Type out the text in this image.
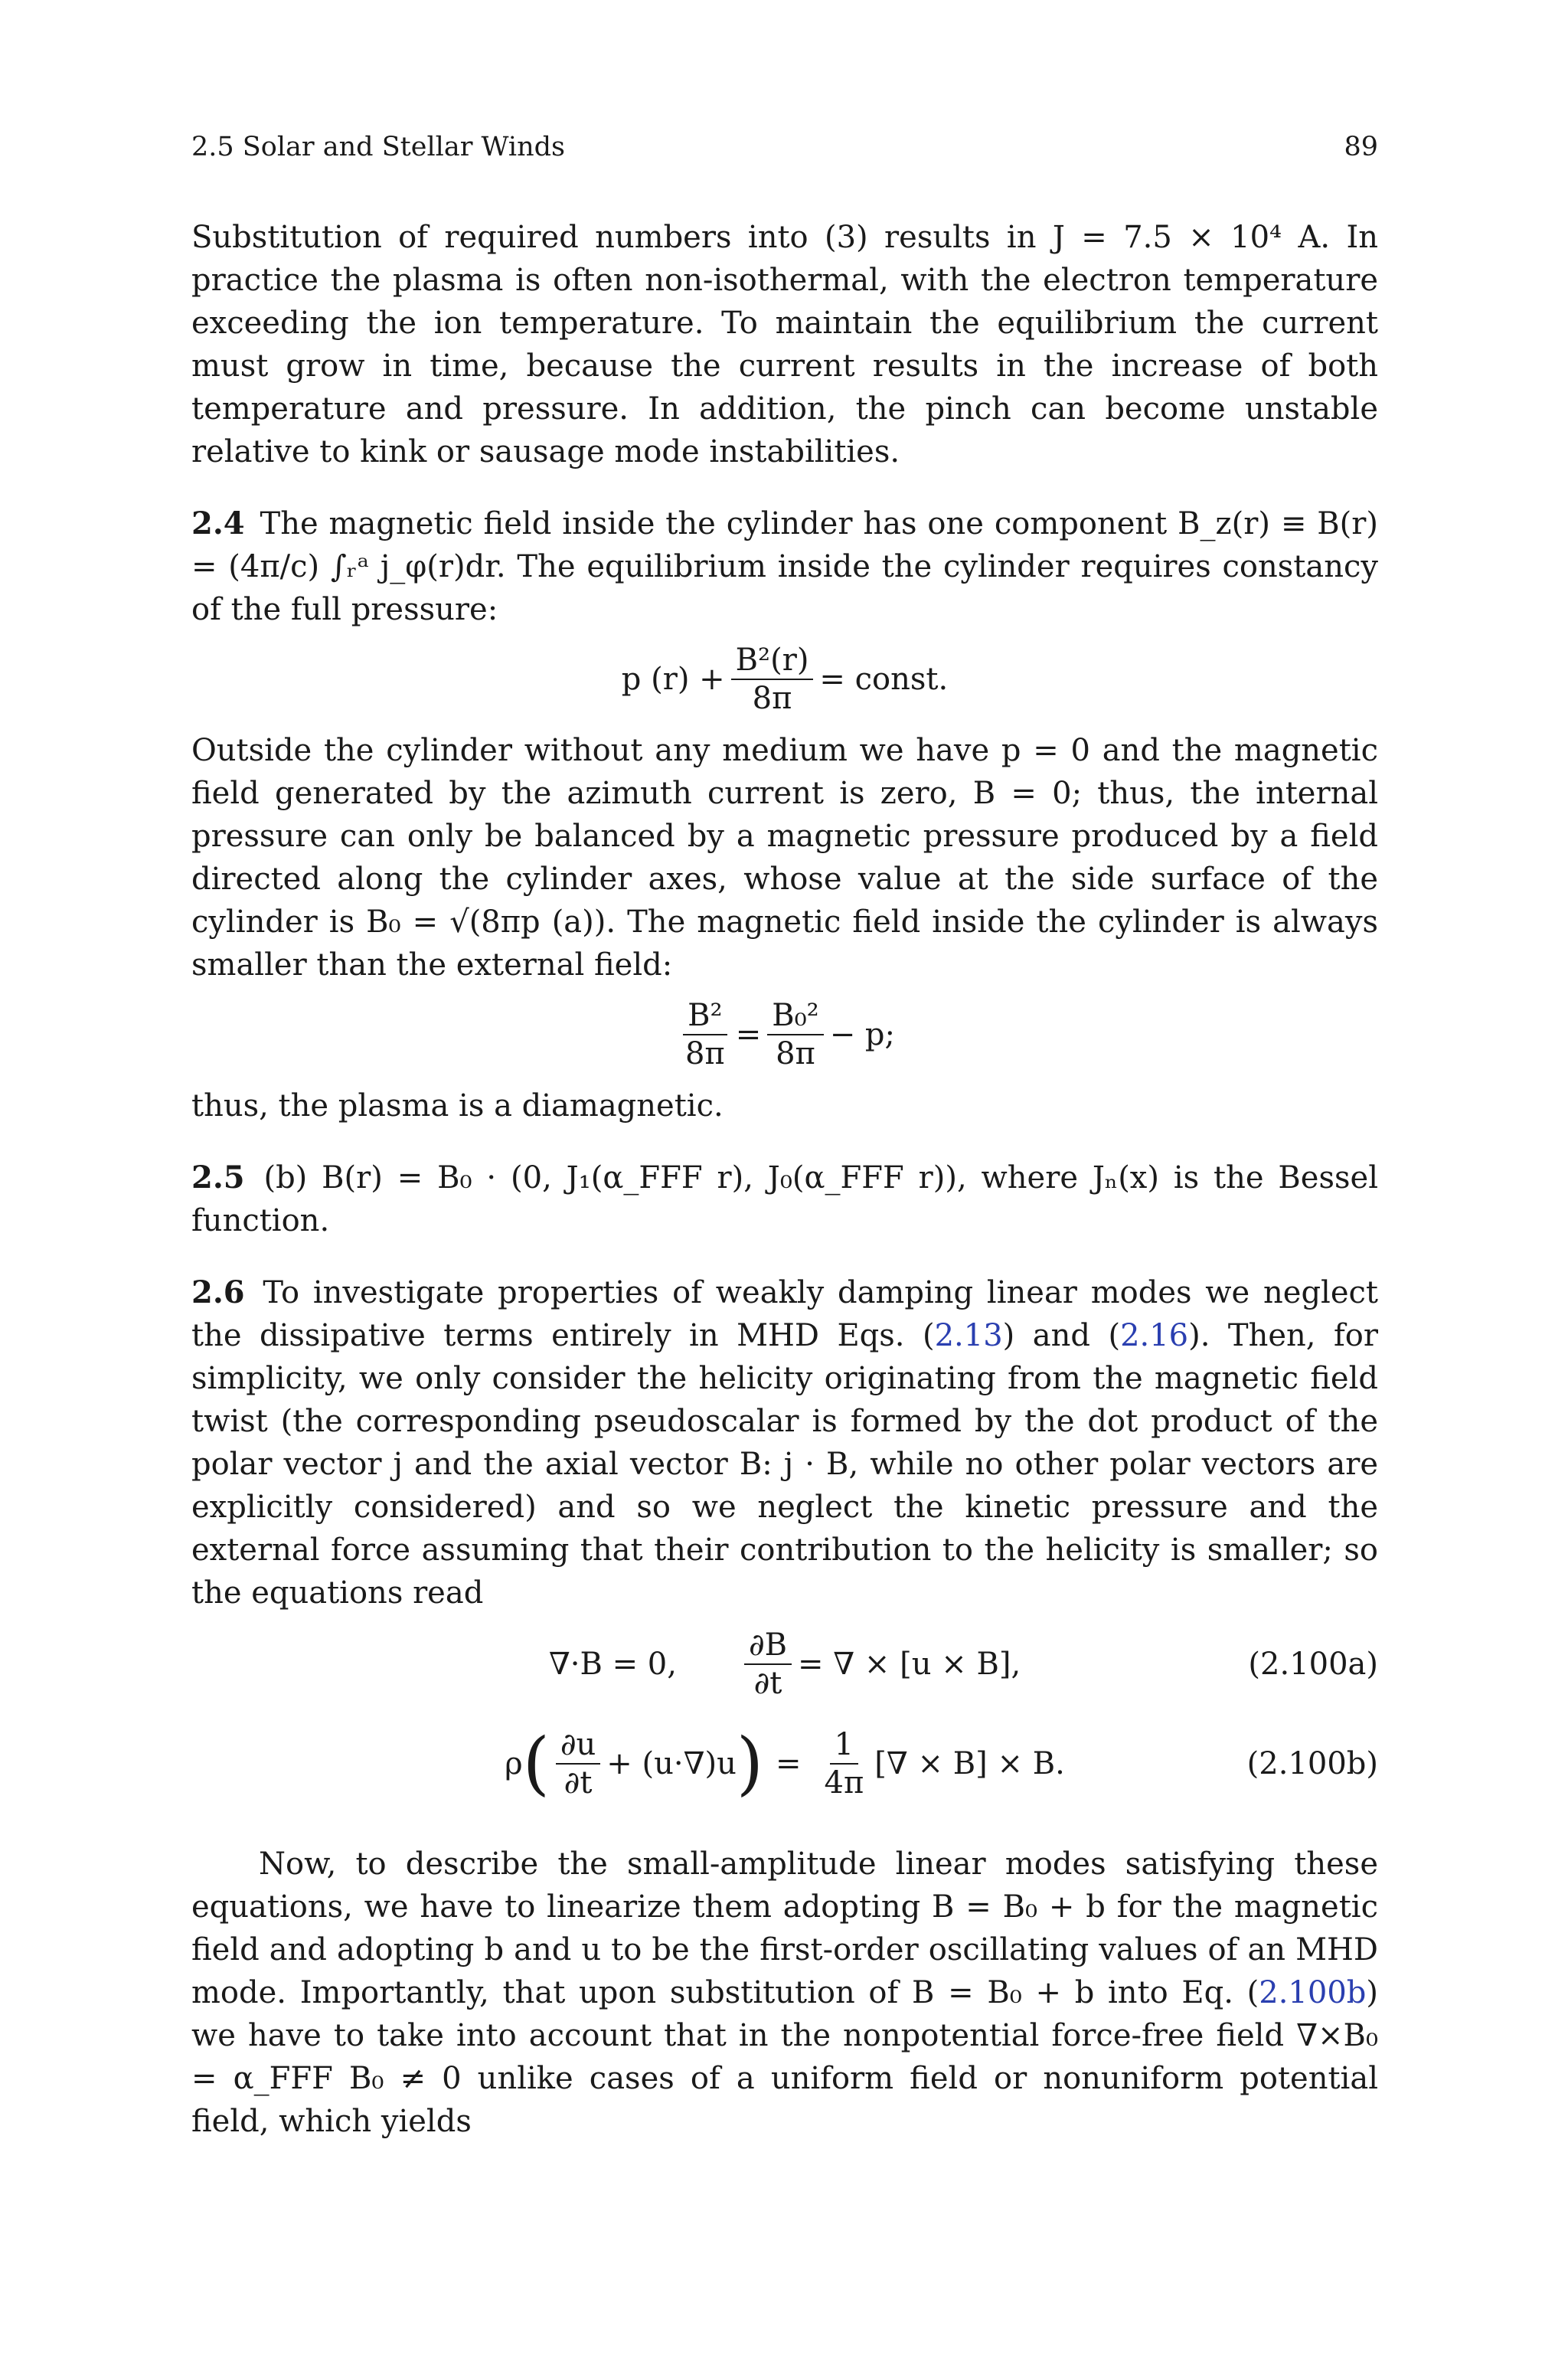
2.5 Solar and Stellar Winds	89

Substitution of required numbers into (3) results in J = 7.5 × 10⁴ A. In practice the plasma is often non-isothermal, with the electron temperature exceeding the ion temperature. To maintain the equilibrium the current must grow in time, because the current results in the increase of both temperature and pressure. In addition, the pinch can become unstable relative to kink or sausage mode instabilities.

2.4 The magnetic field inside the cylinder has one component B_z(r) ≡ B(r) = (4π/c) ∫ᵣᵃ j_φ(r)dr. The equilibrium inside the cylinder requires constancy of the full pressure:

p $(r) + \frac{\text{B²(r)}}{8\pi}$ = const.

Outside the cylinder without any medium we have p = 0 and the magnetic field generated by the azimuth current is zero, B = 0; thus, the internal pressure can only be balanced by a magnetic pressure produced by a field directed along the cylinder axes, whose value at the side surface of the cylinder is B₀ = √(8πp (a)). The magnetic field inside the cylinder is always smaller than the external field:

$\frac{\text{B²}}{8\pi} = \frac{\text{B₀²}}{8\pi} - p$;

thus, the plasma is a diamagnetic.

2.5 (b) B(r) = B₀ · (0, J₁(α_FFF r), J₀(α_FFF r)), where Jₙ(x) is the Bessel function.

2.6 To investigate properties of weakly damping linear modes we neglect the dissipative terms entirely in MHD Eqs. (2.13) and (2.16). Then, for simplicity, we only consider the helicity originating from the magnetic field twist (the corresponding pseudoscalar is formed by the dot product of the polar vector j and the axial vector B: j · B, while no other polar vectors are explicitly considered) and so we neglect the kinetic pressure and the external force assuming that their contribution to the helicity is smaller; so the equations read

∇·B = 0, $\frac{\partial B}{\partial t}$ = ∇ × [u × B],	(2.100a)
ρ ( $\frac{\partial u}{\partial t} + (u\cdot\nabla)u$ ) = $\frac{1}{4\pi}$ [∇ × B] × B.	(2.100b)

Now, to describe the small-amplitude linear modes satisfying these equations, we have to linearize them adopting B = B₀ + b for the magnetic field and adopting b and u to be the first-order oscillating values of an MHD mode. Importantly, that upon substitution of B = B₀ + b into Eq. (2.100b) we have to take into account that in the nonpotential force-free field ∇×B₀ = α_FFF B₀ ≠ 0 unlike cases of a uniform field or nonuniform potential field, which yields
